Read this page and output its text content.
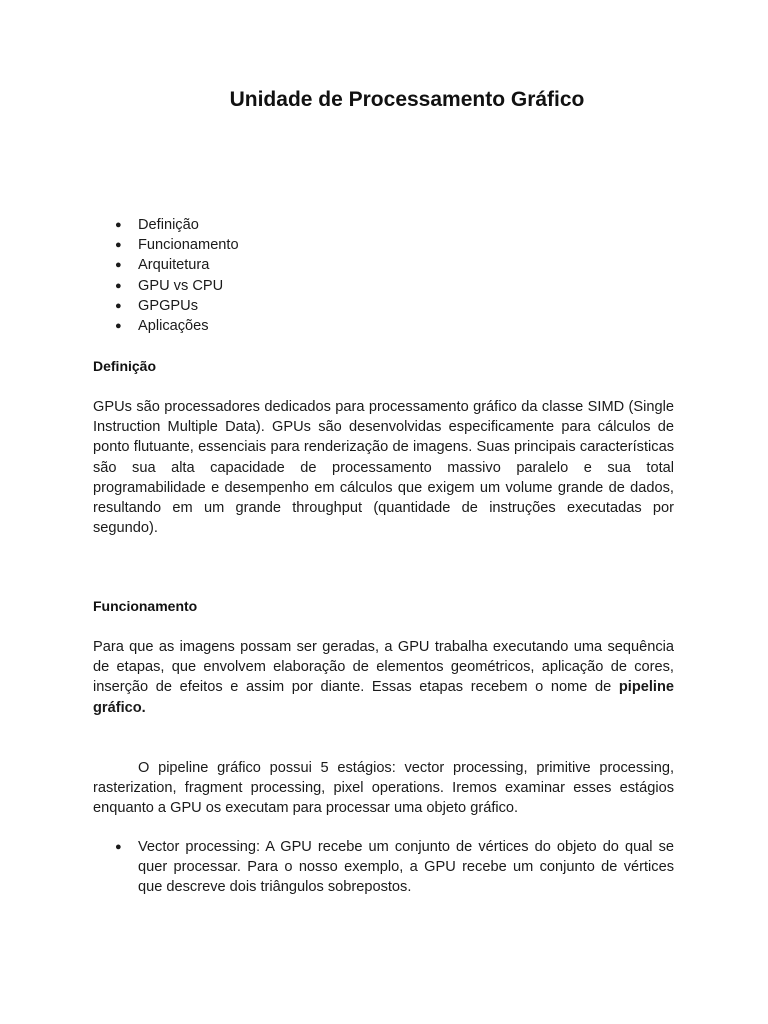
Unidade de Processamento Gráfico
● Definição
● Funcionamento
● Arquitetura
● GPU vs CPU
● GPGPUs
● Aplicações
Definição

GPUs são processadores dedicados para processamento gráfico da classe SIMD (Single Instruction Multiple Data). GPUs são desenvolvidas especificamente para cálculos de ponto flutuante, essenciais para renderização de imagens. Suas principais características são sua alta capacidade de processamento massivo paralelo e sua total programabilidade e desempenho em cálculos que exigem um volume grande de dados, resultando em um grande throughput (quantidade de instruções executadas por segundo).

Funcionamento

Para que as imagens possam ser geradas, a GPU trabalha executando uma sequência de etapas, que envolvem elaboração de elementos geométricos, aplicação de cores, inserção de efeitos e assim por diante. Essas etapas recebem o nome de pipeline gráfico.

O pipeline gráfico possui 5 estágios: vector processing, primitive processing, rasterization, fragment processing, pixel operations. Iremos examinar esses estágios enquanto a GPU os executam para processar uma objeto gráfico.

● Vector processing: A GPU recebe um conjunto de vértices do objeto do qual se quer processar. Para o nosso exemplo, a GPU recebe um conjunto de vértices que descreve dois triângulos sobrepostos.
